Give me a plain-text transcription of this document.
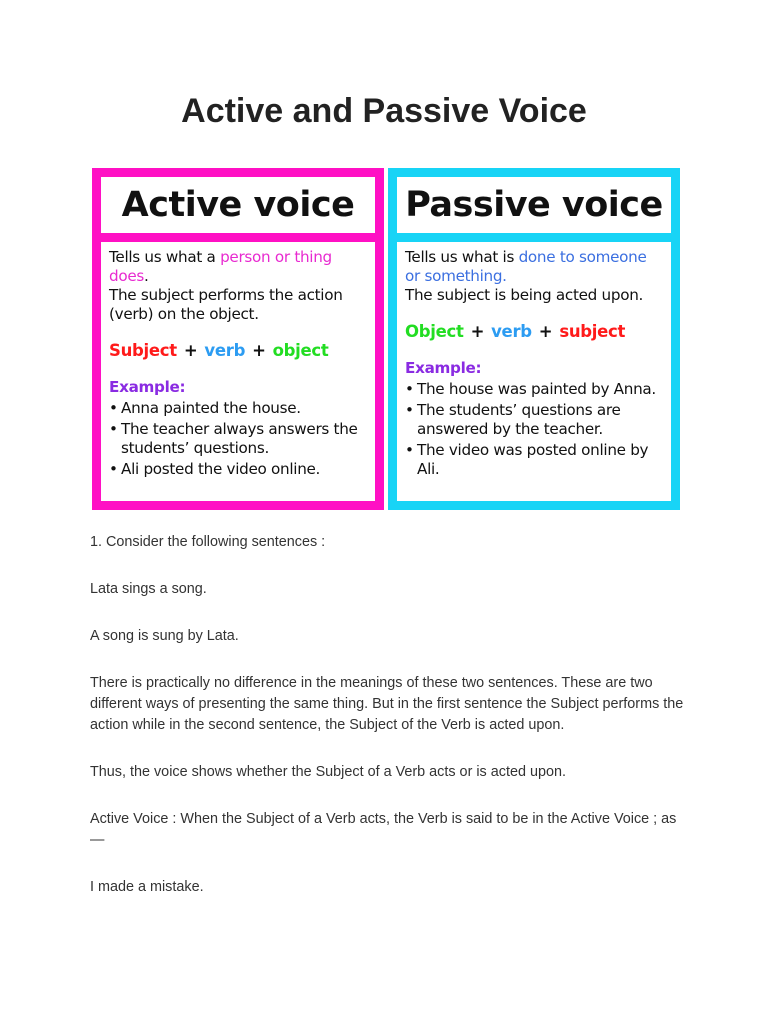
Active and Passive Voice
Active voice

Tells us what a person or thing does.

The subject performs the action (verb) on the object.

Subject + verb + object
Example:
• Anna painted the house.
• The teacher always answers the students’ questions.
• Ali posted the video online.
Passive voice

Tells us what is done to someone or something.

The subject is being acted upon.

Object + verb + subject
Example:
• The house was painted by Anna.
• The students’ questions are answered by the teacher.
• The video was posted online by Ali.

1. Consider the following sentences :

Lata sings a song.

A song is sung by Lata.

There is practically no difference in the meanings of these two sentences. These are two different ways of presenting the same thing. But in the first sentence the Subject performs the action while in the second sentence, the Subject of the Verb is acted upon.

Thus, the voice shows whether the Subject of a Verb acts or is acted upon.

Active Voice : When the Subject of a Verb acts, the Verb is said to be in the Active Voice ; as—

I made a mistake.
